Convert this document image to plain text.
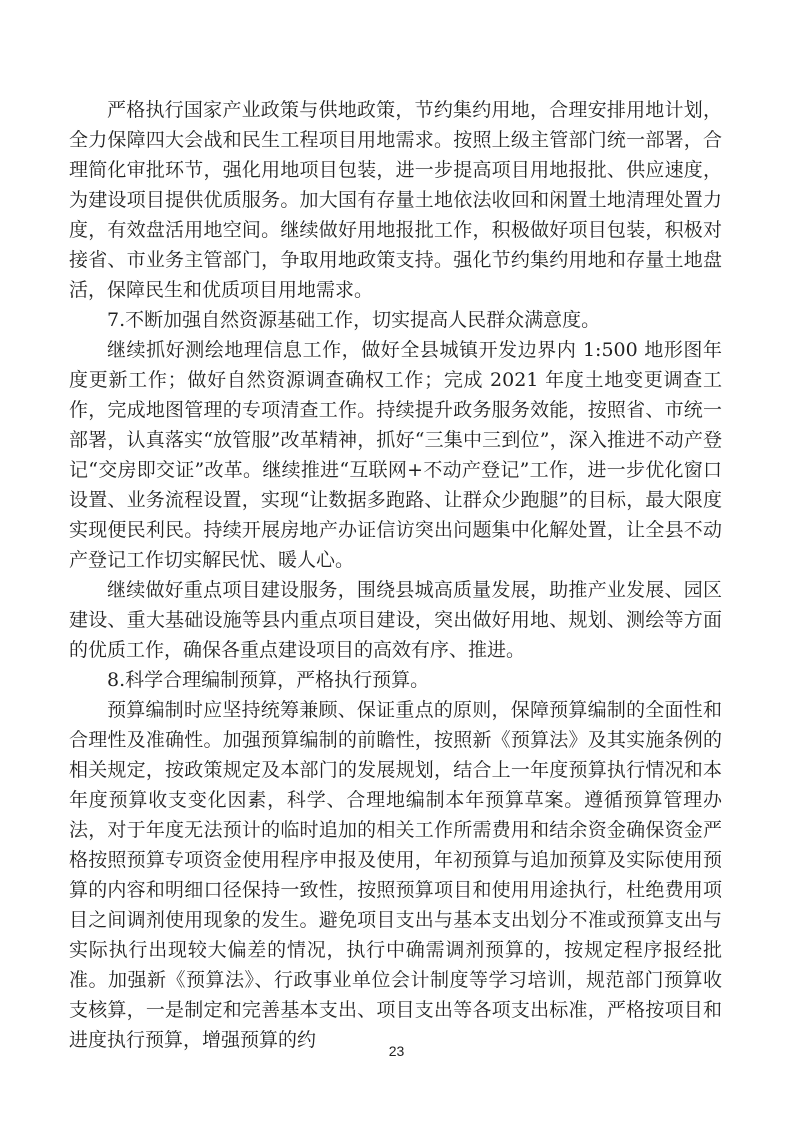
严格执行国家产业政策与供地政策，节约集约用地，合理安排用地计划，全力保障四大会战和民生工程项目用地需求。按照上级主管部门统一部署，合理简化审批环节，强化用地项目包装，进一步提高项目用地报批、供应速度，为建设项目提供优质服务。加大国有存量土地依法收回和闲置土地清理处置力度，有效盘活用地空间。继续做好用地报批工作，积极做好项目包装，积极对接省、市业务主管部门，争取用地政策支持。强化节约集约用地和存量土地盘活，保障民生和优质项目用地需求。

7.不断加强自然资源基础工作，切实提高人民群众满意度。

继续抓好测绘地理信息工作，做好全县城镇开发边界内 1:500 地形图年度更新工作；做好自然资源调查确权工作；完成 2021 年度土地变更调查工作，完成地图管理的专项清查工作。持续提升政务服务效能，按照省、市统一部署，认真落实“放管服”改革精神，抓好“三集中三到位”，深入推进不动产登记“交房即交证”改革。继续推进“互联网+不动产登记”工作，进一步优化窗口设置、业务流程设置，实现“让数据多跑路、让群众少跑腿”的目标，最大限度实现便民利民。持续开展房地产办证信访突出问题集中化解处置，让全县不动产登记工作切实解民忧、暖人心。

继续做好重点项目建设服务，围绕县城高质量发展，助推产业发展、园区建设、重大基础设施等县内重点项目建设，突出做好用地、规划、测绘等方面的优质工作，确保各重点建设项目的高效有序、推进。

8.科学合理编制预算，严格执行预算。

预算编制时应坚持统筹兼顾、保证重点的原则，保障预算编制的全面性和合理性及准确性。加强预算编制的前瞻性，按照新《预算法》及其实施条例的相关规定，按政策规定及本部门的发展规划，结合上一年度预算执行情况和本年度预算收支变化因素，科学、合理地编制本年预算草案。遵循预算管理办法，对于年度无法预计的临时追加的相关工作所需费用和结余资金确保资金严格按照预算专项资金使用程序申报及使用，年初预算与追加预算及实际使用预算的内容和明细口径保持一致性，按照预算项目和使用用途执行，杜绝费用项目之间调剂使用现象的发生。避免项目支出与基本支出划分不准或预算支出与实际执行出现较大偏差的情况，执行中确需调剂预算的，按规定程序报经批准。加强新《预算法》、行政事业单位会计制度等学习培训，规范部门预算收支核算，一是制定和完善基本支出、项目支出等各项支出标准，严格按项目和进度执行预算，增强预算的约	23
